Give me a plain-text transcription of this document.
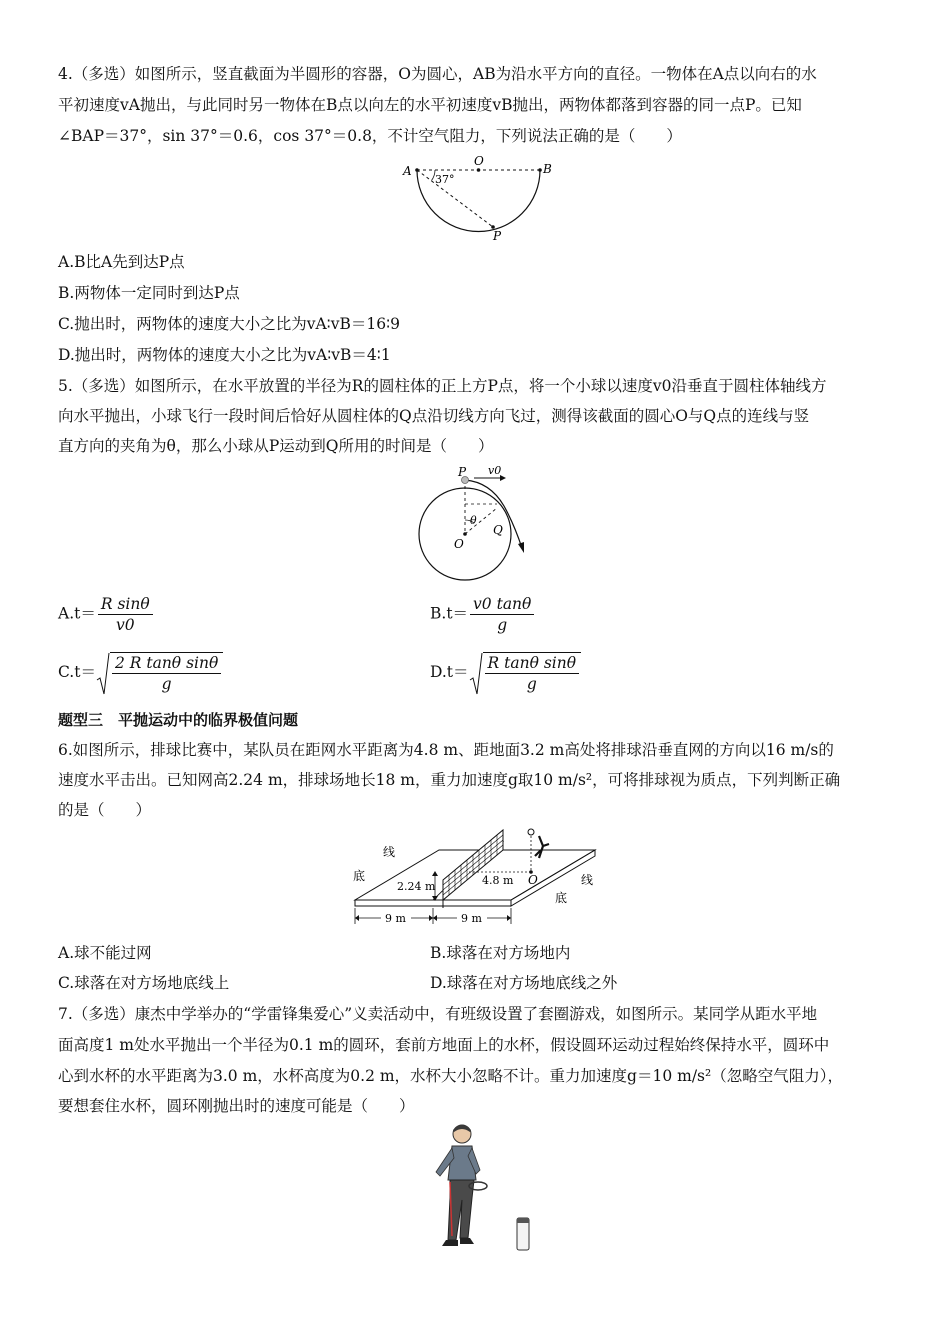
4.（多选）如图所示，竖直截面为半圆形的容器，O为圆心，AB为沿水平方向的直径。一物体在A点以向右的水
平初速度vA抛出，与此同时另一物体在B点以向左的水平初速度vB抛出，两物体都落到容器的同一点P。已知
∠BAP＝37°，sin 37°＝0.6，cos 37°＝0.8，不计空气阻力，下列说法正确的是（　　）
A	B
O
P
37°
A.B比A先到达P点
B.两物体一定同时到达P点
C.抛出时，两物体的速度大小之比为vA∶vB＝16∶9
D.抛出时，两物体的速度大小之比为vA∶vB＝4∶1
5.（多选）如图所示，在水平放置的半径为R的圆柱体的正上方P点，将一个小球以速度v0沿垂直于圆柱体轴线方
向水平抛出，小球飞行一段时间后恰好从圆柱体的Q点沿切线方向飞过，测得该截面的圆心O与Q点的连线与竖
直方向的夹角为θ，那么小球从P运动到Q所用的时间是（　　）
P v0
θ
O
Q
$A.t= \frac{\text{R sinθ}}{v0}$	$B.t= \frac{v0 \tan\theta}{g}$
$C.t= \frac{\text{2 R tanθ sinθ}}{g}$	$D.t= \frac{\text{R tanθ sinθ}}{g}$
题型三　平抛运动中的临界极值问题
6.如图所示，排球比赛中，某队员在距网水平距离为4.8 m、距地面3.2 m高处将排球沿垂直网的方向以16 m/s的
速度水平击出。已知网高2.24 m，排球场地长18 m，重力加速度g取10 m/s²，可将排球视为质点，下列判断正确
的是（　　）
线
底
2.24 m	4.8 m O	线
底
9 m	9 m
A.球不能过网	B.球落在对方场地内
C.球落在对方场地底线上	D.球落在对方场地底线之外
7.（多选）康杰中学举办的“学雷锋集爱心”义卖活动中，有班级设置了套圈游戏，如图所示。某同学从距水平地
面高度1 m处水平抛出一个半径为0.1 m的圆环，套前方地面上的水杯，假设圆环运动过程始终保持水平，圆环中
心到水杯的水平距离为3.0 m，水杯高度为0.2 m，水杯大小忽略不计。重力加速度g＝10 m/s²（忽略空气阻力），
要想套住水杯，圆环刚抛出时的速度可能是（　　）
